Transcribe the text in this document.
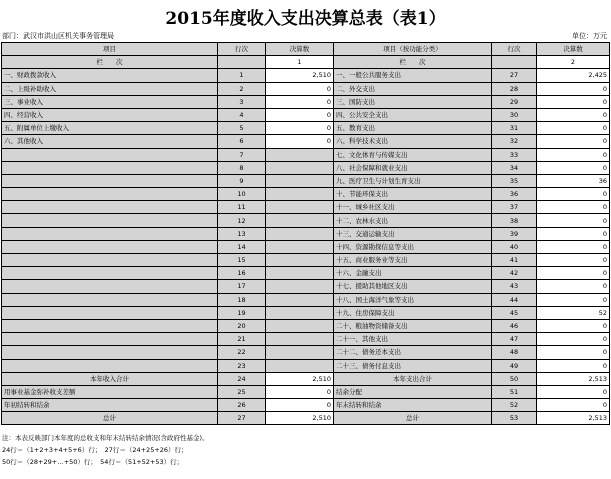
2015年度收入支出决算总表（表1）
部门：武汉市洪山区机关事务管理局	单位：万元
项目	行次	决算数	项目（按功能分类）	行次	决算数
栏　　次		1	栏　　次		2
一、财政拨款收入	1	2,510	一、一般公共服务支出	27	2,425
二、上级补助收入	2	0	二、外交支出	28	0
三、事业收入	3	0	三、国防支出	29	0
四、经营收入	4	0	四、公共安全支出	30	0
五、附属单位上缴收入	5	0	五、教育支出	31	0
六、其他收入	6	0	六、科学技术支出	32	0
	7		七、文化体育与传媒支出	33	0
	8		八、社会保障和就业支出	34	0
	9		九、医疗卫生与计划生育支出	35	36
	10		十、节能环保支出	36	0
	11		十一、城乡社区支出	37	0
	12		十二、农林水支出	38	0
	13		十三、交通运输支出	39	0
	14		十四、资源勘探信息等支出	40	0
	15		十五、商业服务业等支出	41	0
	16		十六、金融支出	42	0
	17		十七、援助其他地区支出	43	0
	18		十八、国土海洋气象等支出	44	0
	19		十九、住房保障支出	45	52
	20		二十、粮油物资储备支出	46	0
	21		二十一、其他支出	47	0
	22		二十二、债务还本支出	48	0
	23		二十三、债务付息支出	49	0
本年收入合计	24	2,510	本年支出合计	50	2,513
用事业基金弥补收支差额	25	0	结余分配	51	0
年初结转和结余	26	0	年末结转和结余	52	0
总计	27	2,510	总计	53	2,513
注：本表反映部门本年度的总收支和年末结转结余情况(含政府性基金)。
24行＝（1+2+3+4+5+6）行；　27行＝（24+25+26）行；
50行＝（28+29+…+50）行；　54行＝（51+52+53）行；
